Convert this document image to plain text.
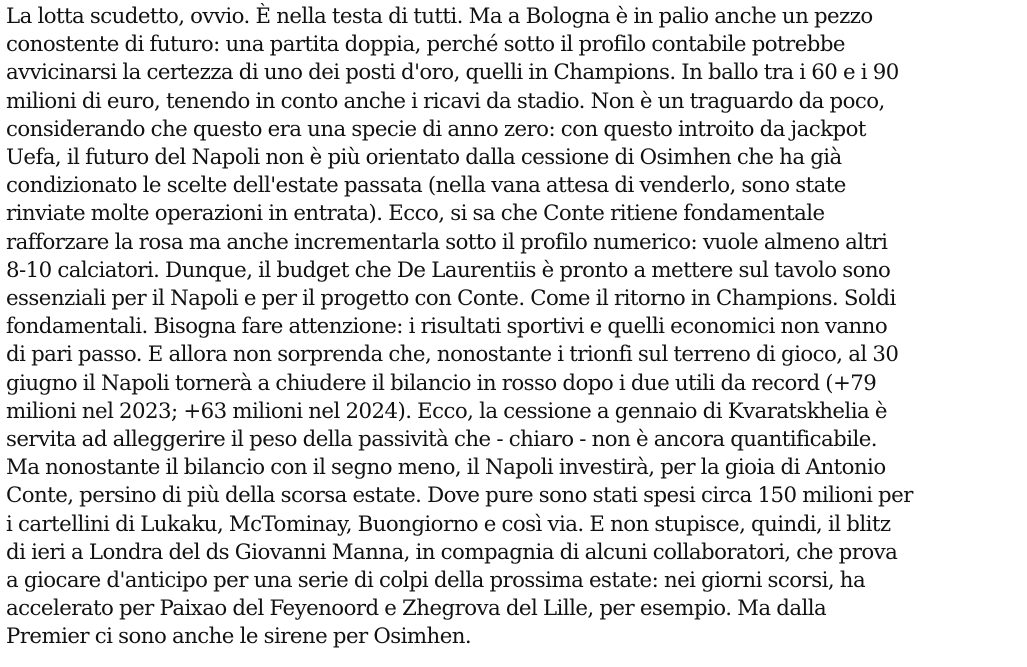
La lotta scudetto, ovvio. È nella testa di tutti. Ma a Bologna è in palio anche un pezzo
conostente di futuro: una partita doppia, perché sotto il profilo contabile potrebbe
avvicinarsi la certezza di uno dei posti d'oro, quelli in Champions. In ballo tra i 60 e i 90
milioni di euro, tenendo in conto anche i ricavi da stadio. Non è un traguardo da poco,
considerando che questo era una specie di anno zero: con questo introito da jackpot
Uefa, il futuro del Napoli non è più orientato dalla cessione di Osimhen che ha già
condizionato le scelte dell'estate passata (nella vana attesa di venderlo, sono state
rinviate molte operazioni in entrata). Ecco, si sa che Conte ritiene fondamentale
rafforzare la rosa ma anche incrementarla sotto il profilo numerico: vuole almeno altri
8-10 calciatori. Dunque, il budget che De Laurentiis è pronto a mettere sul tavolo sono
essenziali per il Napoli e per il progetto con Conte. Come il ritorno in Champions. Soldi
fondamentali. Bisogna fare attenzione: i risultati sportivi e quelli economici non vanno
di pari passo. E allora non sorprenda che, nonostante i trionfi sul terreno di gioco, al 30
giugno il Napoli tornerà a chiudere il bilancio in rosso dopo i due utili da record (+79
milioni nel 2023; +63 milioni nel 2024). Ecco, la cessione a gennaio di Kvaratskhelia è
servita ad alleggerire il peso della passività che - chiaro - non è ancora quantificabile.
Ma nonostante il bilancio con il segno meno, il Napoli investirà, per la gioia di Antonio
Conte, persino di più della scorsa estate. Dove pure sono stati spesi circa 150 milioni per
i cartellini di Lukaku, McTominay, Buongiorno e così via. E non stupisce, quindi, il blitz
di ieri a Londra del ds Giovanni Manna, in compagnia di alcuni collaboratori, che prova
a giocare d'anticipo per una serie di colpi della prossima estate: nei giorni scorsi, ha
accelerato per Paixao del Feyenoord e Zhegrova del Lille, per esempio. Ma dalla
Premier ci sono anche le sirene per Osimhen.
